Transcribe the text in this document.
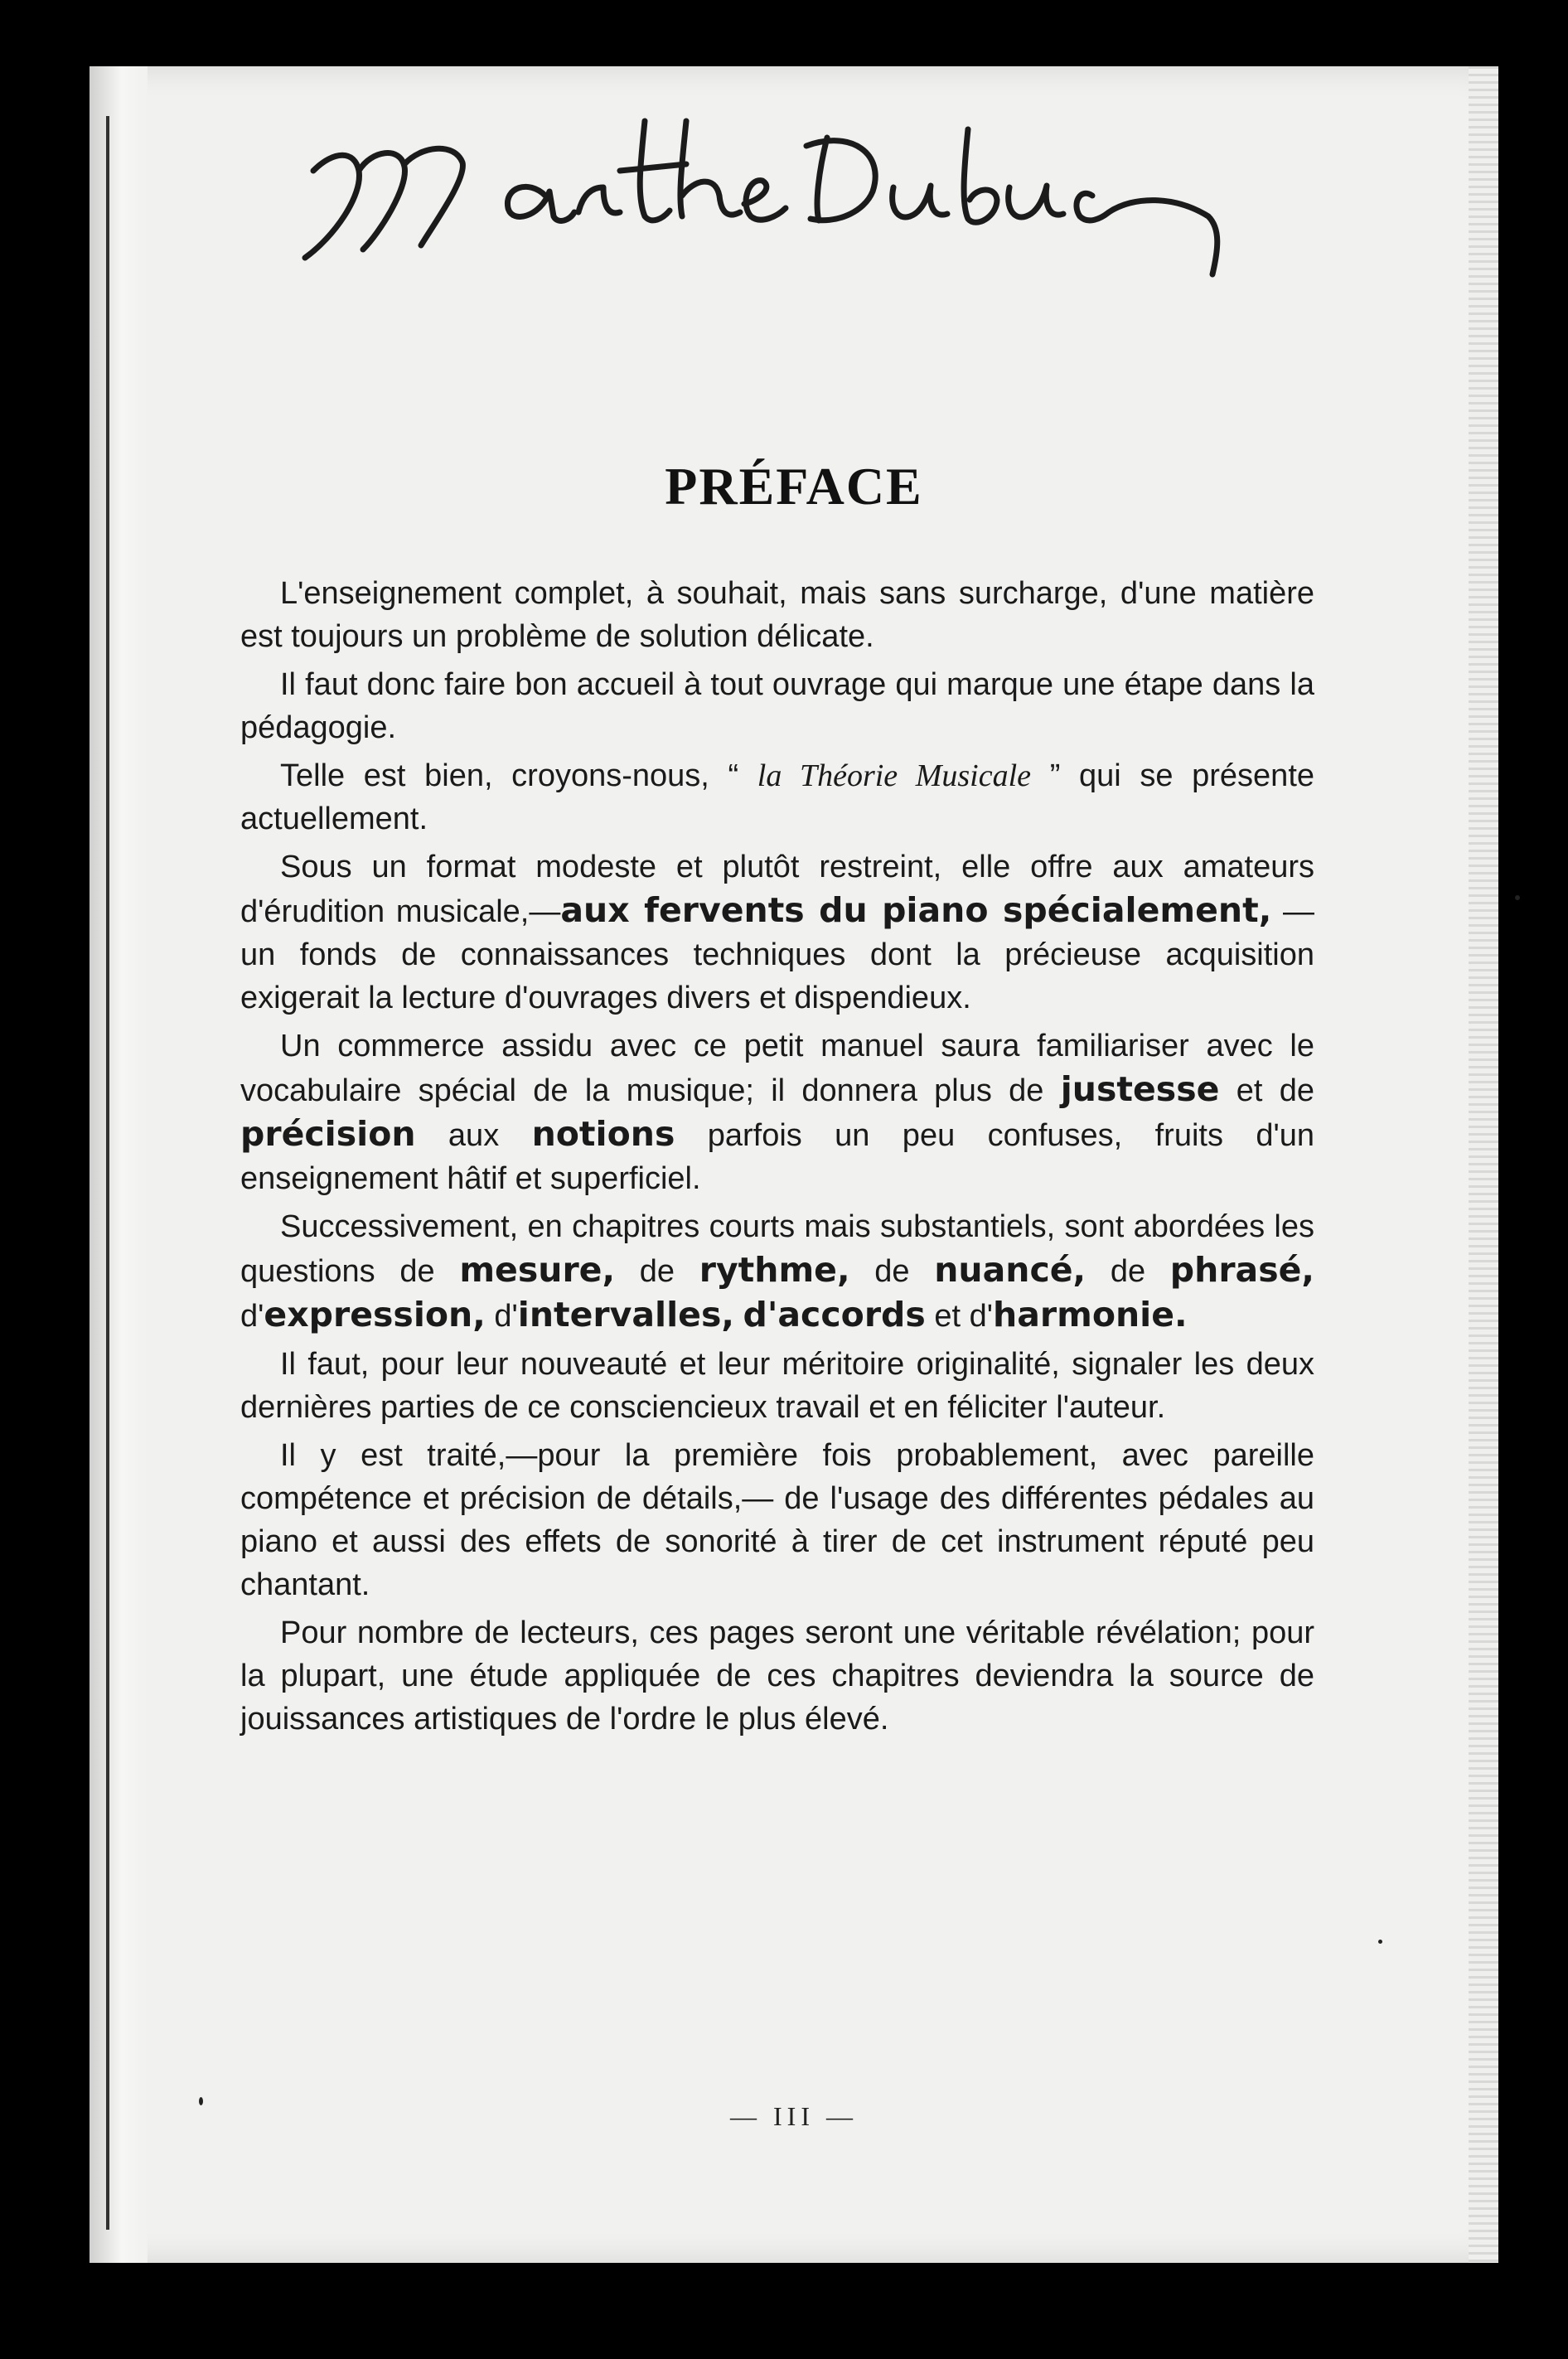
PRÉFACE

L'enseignement complet, à souhait, mais sans surcharge, d'une matière est toujours un problème de solution délicate.

Il faut donc faire bon accueil à tout ouvrage qui marque une étape dans la pédagogie.

Telle est bien, croyons-nous, “ la Théorie Musicale ” qui se présente actuellement.

Sous un format modeste et plutôt restreint, elle offre aux amateurs d'érudition musicale,—aux fervents du piano spécialement, — un fonds de connaissances techniques dont la précieuse acquisition exigerait la lecture d'ouvrages divers et dispendieux.

Un commerce assidu avec ce petit manuel saura familiariser avec le vocabulaire spécial de la musique; il donnera plus de justesse et de précision aux notions parfois un peu confuses, fruits d'un enseignement hâtif et superficiel.

Successivement, en chapitres courts mais substantiels, sont abordées les questions de mesure, de rythme, de nuancé, de phrasé, d'expression, d'intervalles, d'accords et d'harmonie.

Il faut, pour leur nouveauté et leur méritoire originalité, signaler les deux dernières parties de ce consciencieux travail et en féliciter l'auteur.

Il y est traité,—pour la première fois probablement, avec pareille compétence et précision de détails,— de l'usage des différentes pédales au piano et aussi des effets de sonorité à tirer de cet instrument réputé peu chantant.

Pour nombre de lecteurs, ces pages seront une véritable révélation; pour la plupart, une étude appliquée de ces chapitres deviendra la source de jouissances artistiques de l'ordre le plus élevé.

— III —
